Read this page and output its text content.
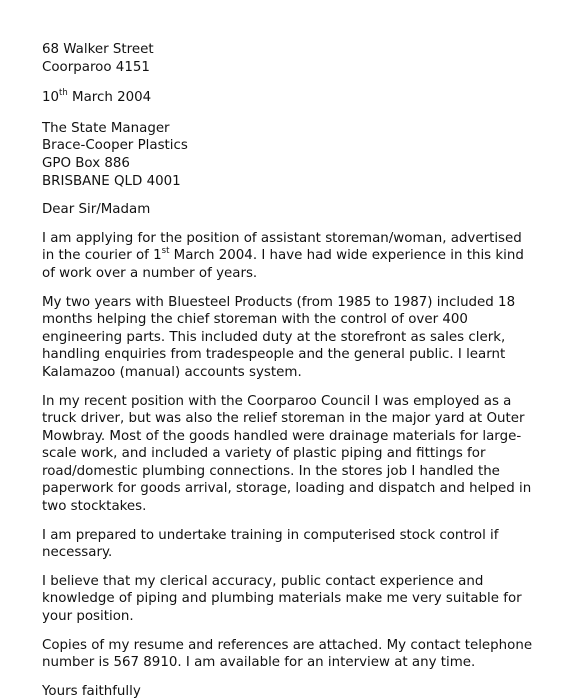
68 Walker Street
Coorparoo 4151

10th March 2004

The State Manager
Brace-Cooper Plastics
GPO Box 886
BRISBANE QLD 4001

Dear Sir/Madam

I am applying for the position of assistant storeman/woman, advertised
in the courier of 1st March 2004. I have had wide experience in this kind
of work over a number of years.

My two years with Bluesteel Products (from 1985 to 1987) included 18
months helping the chief storeman with the control of over 400
engineering parts. This included duty at the storefront as sales clerk,
handling enquiries from tradespeople and the general public. I learnt
Kalamazoo (manual) accounts system.

In my recent position with the Coorparoo Council I was employed as a
truck driver, but was also the relief storeman in the major yard at Outer
Mowbray. Most of the goods handled were drainage materials for large-
scale work, and included a variety of plastic piping and fittings for
road/domestic plumbing connections. In the stores job I handled the
paperwork for goods arrival, storage, loading and dispatch and helped in
two stocktakes.

I am prepared to undertake training in computerised stock control if
necessary.

I believe that my clerical accuracy, public contact experience and
knowledge of piping and plumbing materials make me very suitable for
your position.

Copies of my resume and references are attached. My contact telephone
number is 567 8910. I am available for an interview at any time.

Yours faithfully
